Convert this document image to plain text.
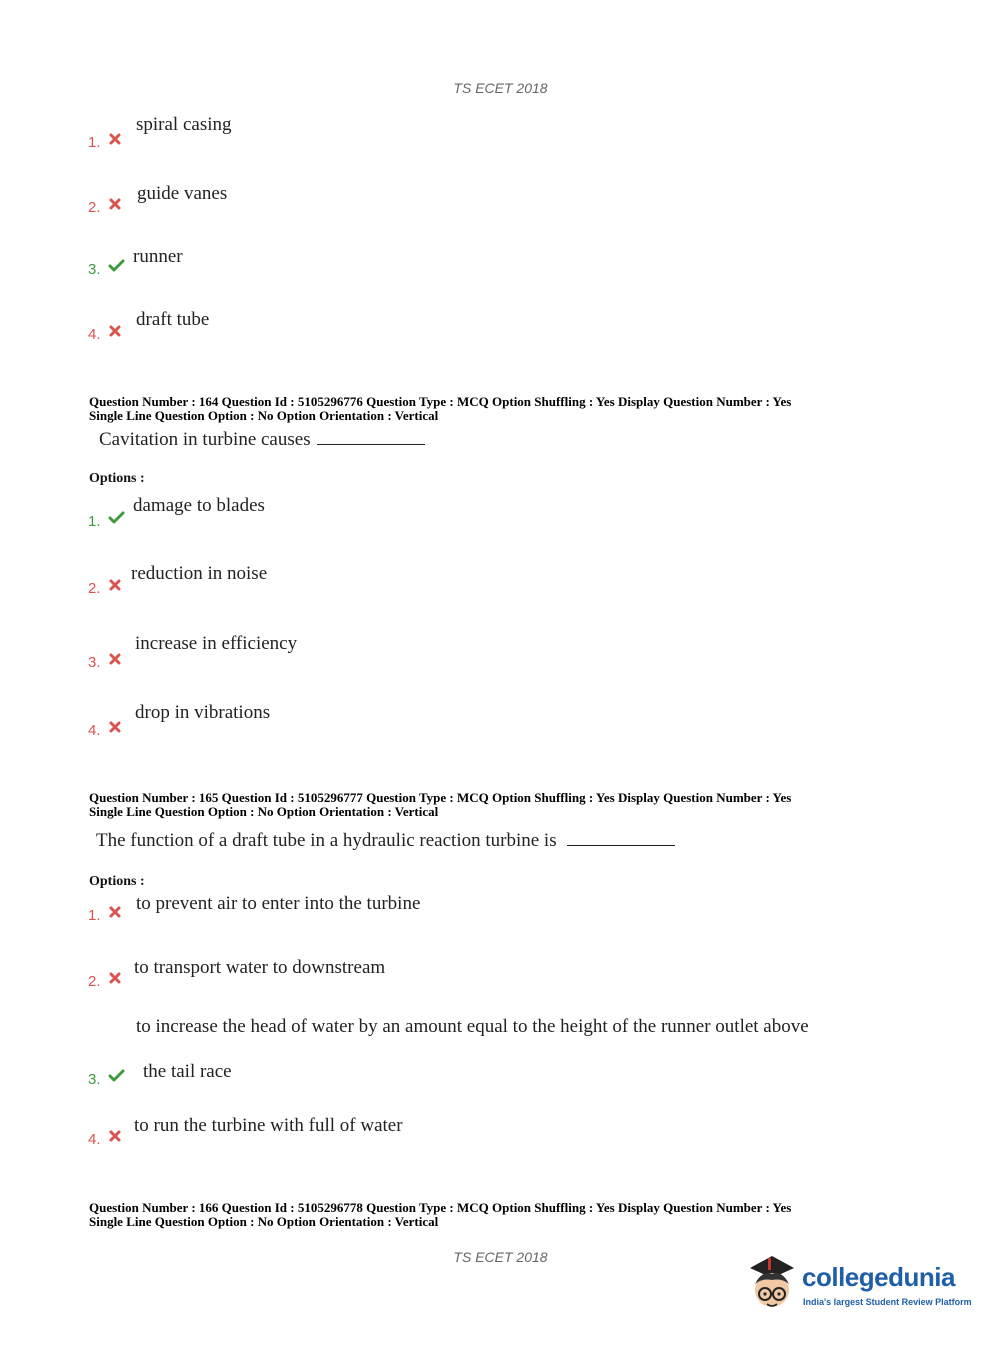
TS ECET 2018
1.
spiral casing
2.
guide vanes
3.
runner
4.
draft tube
Question Number : 164 Question Id : 5105296776 Question Type : MCQ Option Shuffling : Yes Display Question Number : Yes
Single Line Question Option : No Option Orientation : Vertical
Cavitation in turbine causes
Options :
1.
damage to blades
2.
reduction in noise
3.
increase in efficiency
4.
drop in vibrations
Question Number : 165 Question Id : 5105296777 Question Type : MCQ Option Shuffling : Yes Display Question Number : Yes
Single Line Question Option : No Option Orientation : Vertical
The function of a draft tube in a hydraulic reaction turbine is
Options :
1.
to prevent air to enter into the turbine
2.
to transport water to downstream
to increase the head of water by an amount equal to the height of the runner outlet above
3. the tail race
4.
to run the turbine with full of water
Question Number : 166 Question Id : 5105296778 Question Type : MCQ Option Shuffling : Yes Display Question Number : Yes
Single Line Question Option : No Option Orientation : Vertical
TS ECET 2018
collegedunia
India's largest Student Review Platform
